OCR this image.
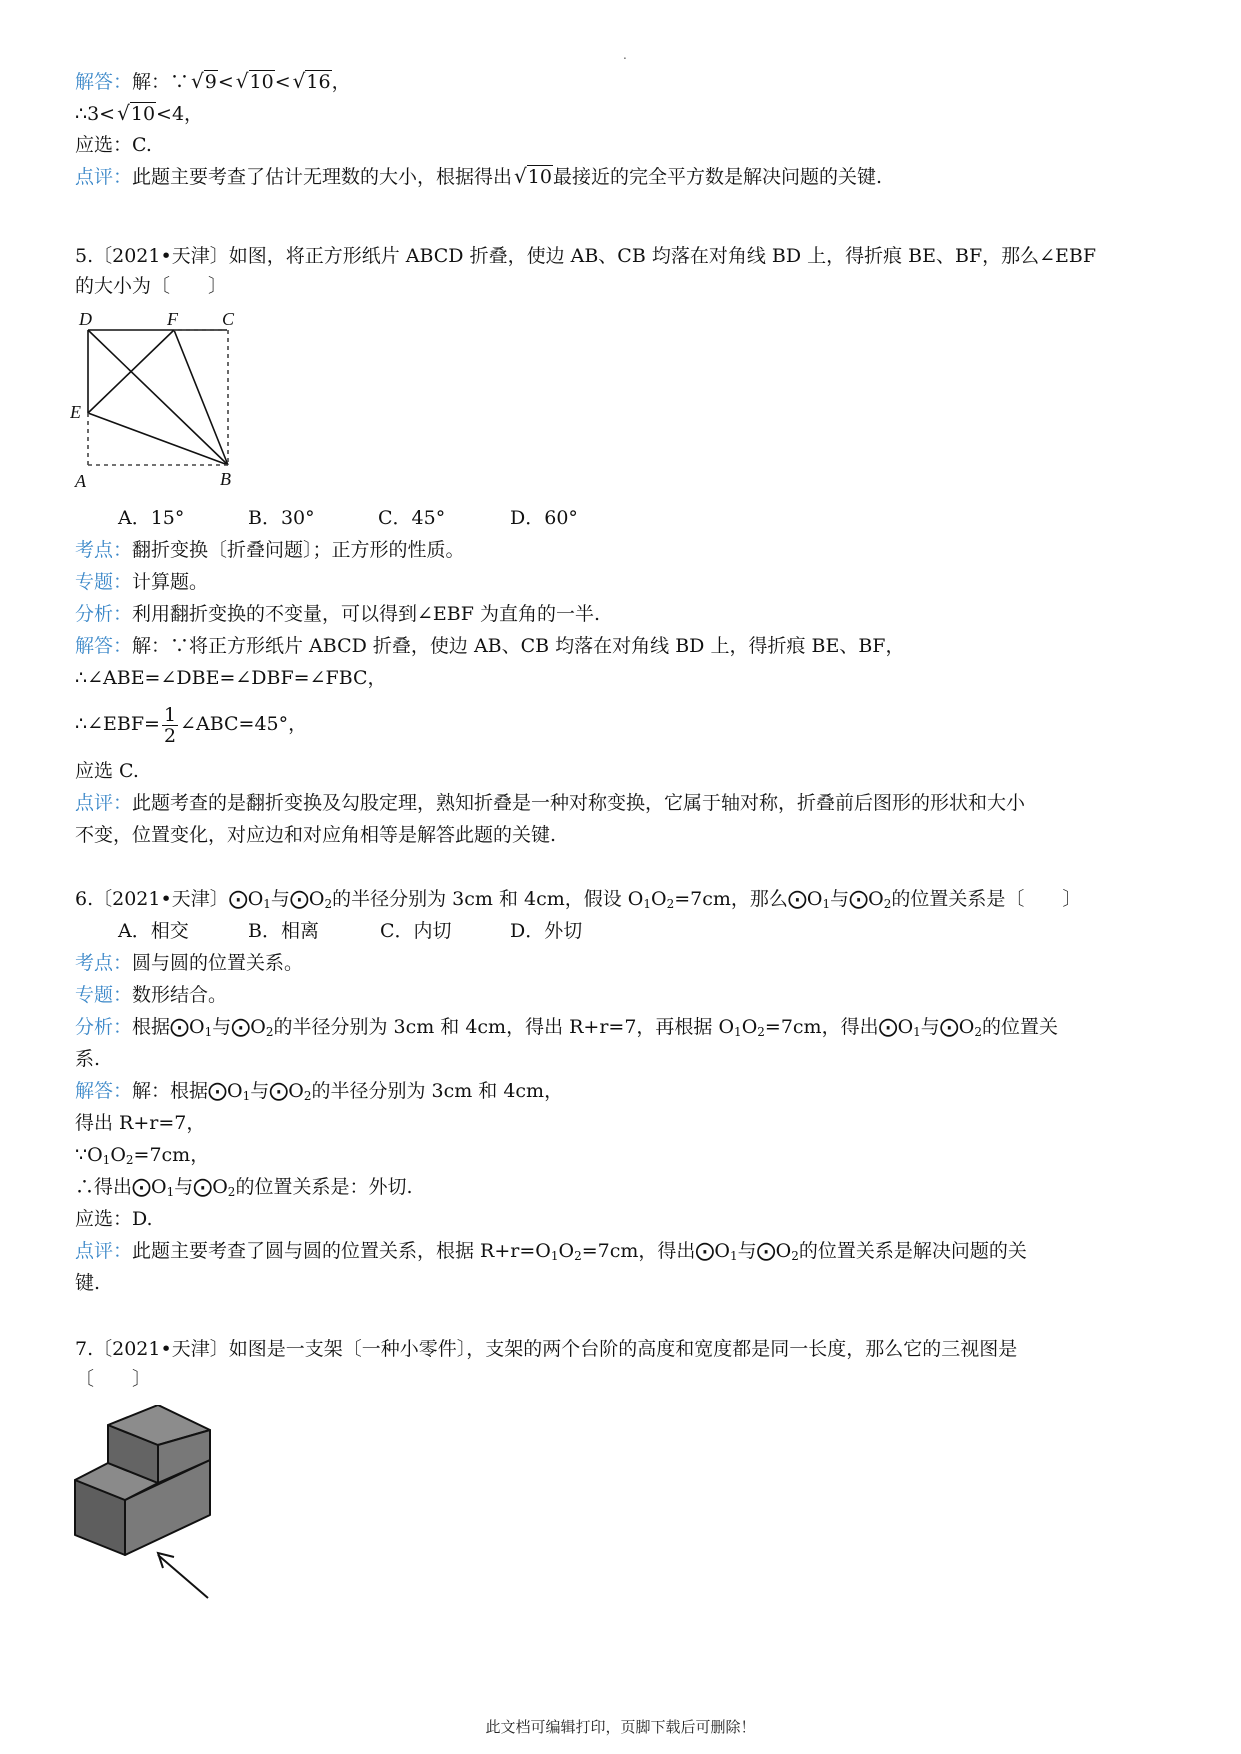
.
解答：解：∵ √9< √10< √16，
∴3< √10<4，
应选：C.
点评：此题主要考查了估计无理数的大小，根据得出 √10最接近的完全平方数是解决问题的关键.
5.〔2021•天津〕如图，将正方形纸片 ABCD 折叠，使边 AB、CB 均落在对角线 BD 上，得折痕 BE、BF，那么∠EBF
的大小为〔　　〕
D	F C
E
A	B
A．15°	B．30°	C．45°	D．60°
考点：翻折变换〔折叠问题〕；正方形的性质。
专题：计算题。
分析：利用翻折变换的不变量，可以得到∠EBF 为直角的一半.
解答：解：∵将正方形纸片 ABCD 折叠，使边 AB、CB 均落在对角线 BD 上，得折痕 BE、BF，
∴∠ABE=∠DBE=∠DBF=∠FBC，
∴∠EBF= $\frac{1}{2}$ ∠ABC=45°，
应选 C.
点评：此题考查的是翻折变换及勾股定理，熟知折叠是一种对称变换，它属于轴对称，折叠前后图形的形状和大小
不变，位置变化，对应边和对应角相等是解答此题的关键.
6.〔2021•天津〕$⨀O_1$与$⨀O_2$的半径分别为 3cm 和 4cm，假设 $O_1O_2=7cm$，那么$⨀O_1$与$⨀O_2$的位置关系是〔　　〕
A．相交	B．相离	C．内切	D．外切
考点：圆与圆的位置关系。
专题：数形结合。
分析：根据$⨀O_1$与$⨀O_2$的半径分别为 3cm 和 4cm，得出 R+r=7，再根据 $O_1O_2=7cm$，得出$⨀O_1$与$⨀O_2$的位置关
系.
解答：解：根据$⨀O_1$与$⨀O_2$的半径分别为 3cm 和 4cm，
得出 R+r=7，
$\because O_1O_2=7cm$，
∴得出$⨀O_1$与$⨀O_2$的位置关系是：外切.
应选：D.
点评：此题主要考查了圆与圆的位置关系，根据 $R+r=O_1O_2=7cm$，得出$⨀O_1$与$⨀O_2$的位置关系是解决问题的关
键.
7.〔2021•天津〕如图是一支架〔一种小零件〕，支架的两个台阶的高度和宽度都是同一长度，那么它的三视图是
〔　　〕
此文档可编辑打印，页脚下载后可删除！
